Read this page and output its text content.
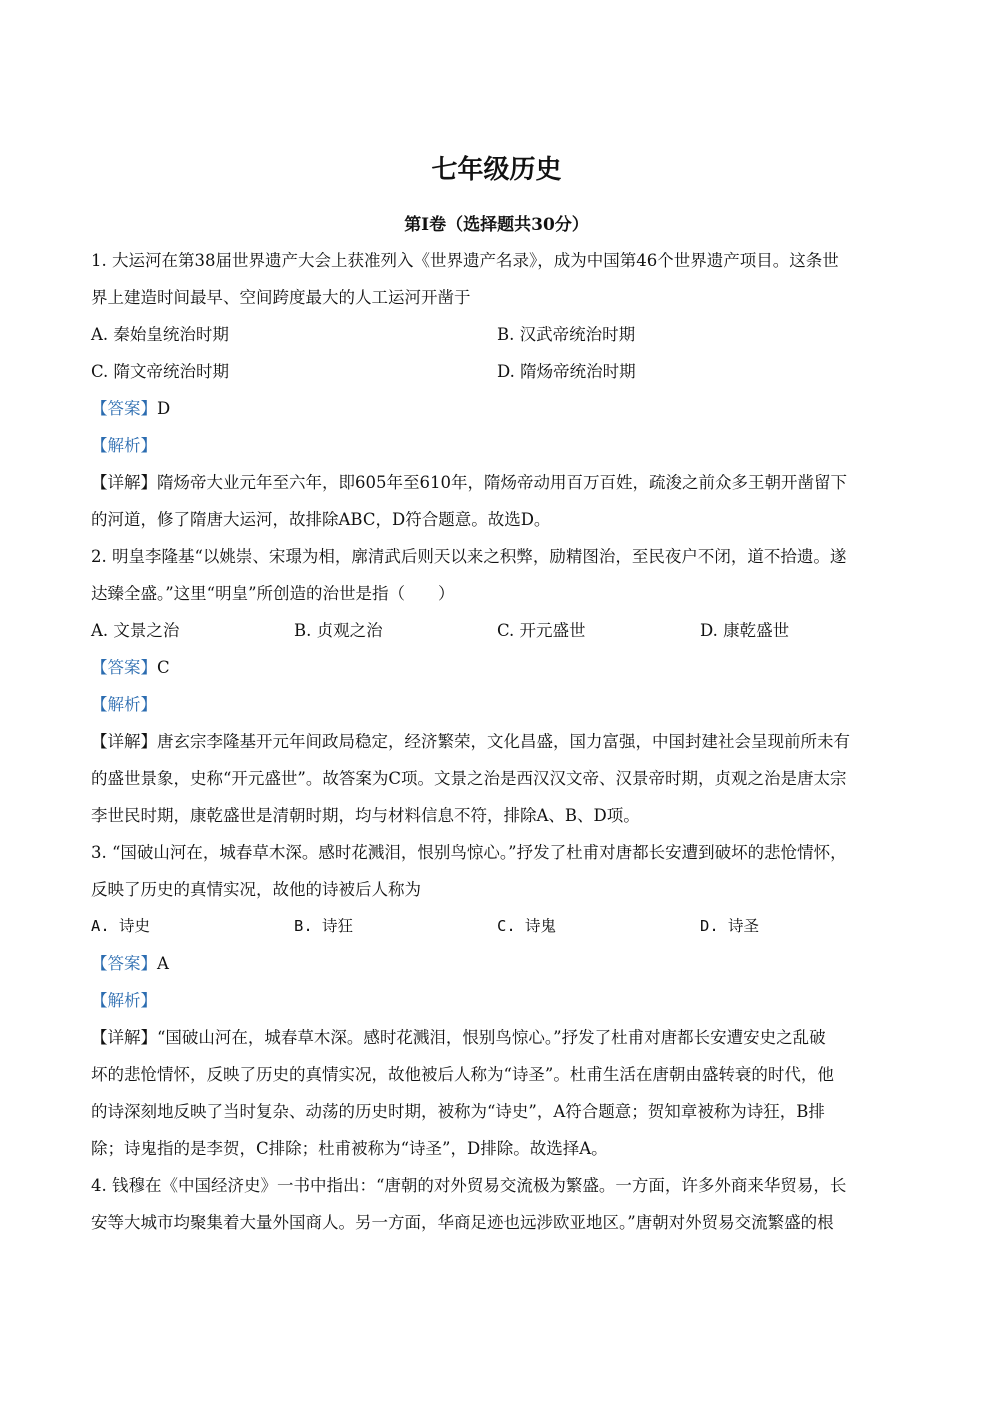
七年级历史
第Ⅰ卷（选择题共30分）
1. 大运河在第38届世界遗产大会上获准列入《世界遗产名录》，成为中国第46个世界遗产项目。这条世
界上建造时间最早、空间跨度最大的人工运河开凿于
A. 秦始皇统治时期	B. 汉武帝统治时期
C. 隋文帝统治时期	D. 隋炀帝统治时期
【答案】D
【解析】
【详解】隋炀帝大业元年至六年，即605年至610年，隋炀帝动用百万百姓，疏浚之前众多王朝开凿留下
的河道，修了隋唐大运河，故排除ABC，D符合题意。故选D。
2. 明皇李隆基“以姚崇、宋璟为相，廓清武后则天以来之积弊，励精图治，至民夜户不闭，道不拾遗。遂
达臻全盛。”这里“明皇”所创造的治世是指（　　）
A. 文景之治	B. 贞观之治	C. 开元盛世	D. 康乾盛世
【答案】C
【解析】
【详解】唐玄宗李隆基开元年间政局稳定，经济繁荣，文化昌盛，国力富强，中国封建社会呈现前所未有
的盛世景象，史称“开元盛世”。故答案为C项。文景之治是西汉汉文帝、汉景帝时期，贞观之治是唐太宗
李世民时期，康乾盛世是清朝时期，均与材料信息不符，排除A、B、D项。
3. “国破山河在，城春草木深。感时花溅泪，恨别鸟惊心。”抒发了杜甫对唐都长安遭到破坏的悲怆情怀，
反映了历史的真情实况，故他的诗被后人称为
A. 诗史	B. 诗狂	C. 诗鬼	D. 诗圣
【答案】A
【解析】
【详解】“国破山河在，城春草木深。感时花溅泪，恨别鸟惊心。”抒发了杜甫对唐都长安遭安史之乱破
坏的悲怆情怀，反映了历史的真情实况，故他被后人称为“诗圣”。杜甫生活在唐朝由盛转衰的时代，他
的诗深刻地反映了当时复杂、动荡的历史时期，被称为“诗史”，A符合题意；贺知章被称为诗狂，B排
除；诗鬼指的是李贺，C排除；杜甫被称为“诗圣”，D排除。故选择A。
4. 钱穆在《中国经济史》一书中指出：“唐朝的对外贸易交流极为繁盛。一方面，许多外商来华贸易，长
安等大城市均聚集着大量外国商人。另一方面，华商足迹也远涉欧亚地区。”唐朝对外贸易交流繁盛的根
